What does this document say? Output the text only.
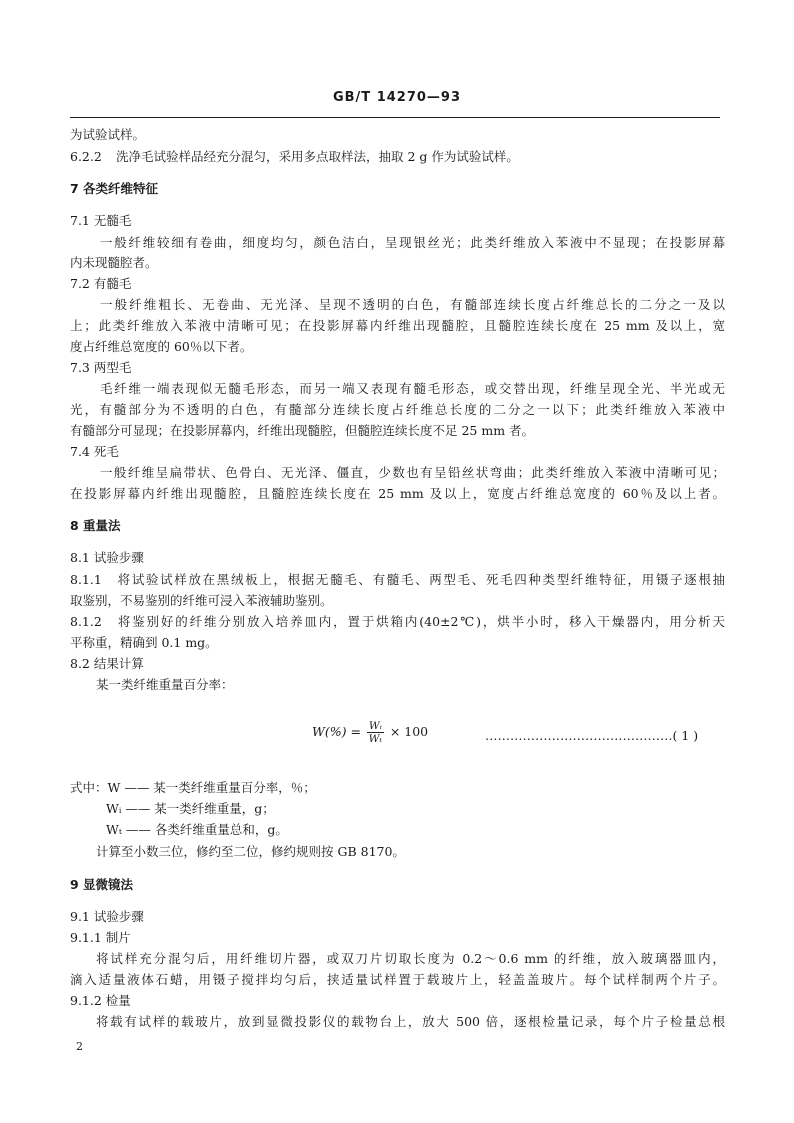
GB/T 14270—93
为试验试样。
6.2.2 洗净毛试验样品经充分混匀，采用多点取样法，抽取 2 g 作为试验试样。
7 各类纤维特征
7.1 无髓毛
一般纤维较细有卷曲，细度均匀，颜色洁白，呈现银丝光；此类纤维放入苯液中不显现；在投影屏幕
内未现髓腔者。
7.2 有髓毛
一般纤维粗长、无卷曲、无光泽、呈现不透明的白色，有髓部连续长度占纤维总长的二分之一及以
上；此类纤维放入苯液中清晰可见；在投影屏幕内纤维出现髓腔，且髓腔连续长度在 25 mm 及以上，宽
度占纤维总宽度的 60％以下者。
7.3 两型毛
毛纤维一端表现似无髓毛形态，而另一端又表现有髓毛形态，或交替出现，纤维呈现全光、半光或无
光，有髓部分为不透明的白色，有髓部分连续长度占纤维总长度的二分之一以下；此类纤维放入苯液中
有髓部分可显现；在投影屏幕内，纤维出现髓腔，但髓腔连续长度不足 25 mm 者。
7.4 死毛
一般纤维呈扁带状、色骨白、无光泽、僵直，少数也有呈铅丝状弯曲；此类纤维放入苯液中清晰可见；
在投影屏幕内纤维出现髓腔，且髓腔连续长度在 25 mm 及以上，宽度占纤维总宽度的 60％及以上者。
8 重量法
8.1 试验步骤
8.1.1 将试验试样放在黑绒板上，根据无髓毛、有髓毛、两型毛、死毛四种类型纤维特征，用镊子逐根抽
取鉴别，不易鉴别的纤维可浸入苯液辅助鉴别。
8.1.2 将鉴别好的纤维分别放入培养皿内，置于烘箱内(40±2℃)，烘半小时，移入干燥器内，用分析天
平称重，精确到 0.1 mg。
8.2 结果计算
某一类纤维重量百分率：
$W(\%) = \frac{\text{Wᵢ}}{\text{Wₜ}} \times 100$	………………………………………( 1 )
式中：W —— 某一类纤维重量百分率，％；
Wᵢ —— 某一类纤维重量，g；
Wₜ —— 各类纤维重量总和，g。
计算至小数三位，修约至二位，修约规则按 GB 8170。
9 显微镜法
9.1 试验步骤
9.1.1 制片
将试样充分混匀后，用纤维切片器，或双刀片切取长度为 0.2～0.6 mm 的纤维，放入玻璃器皿内，
滴入适量液体石蜡，用镊子搅拌均匀后，挟适量试样置于载玻片上，轻盖盖玻片。每个试样制两个片子。
9.1.2 检量
将载有试样的载玻片，放到显微投影仪的载物台上，放大 500 倍，逐根检量记录，每个片子检量总根
2
